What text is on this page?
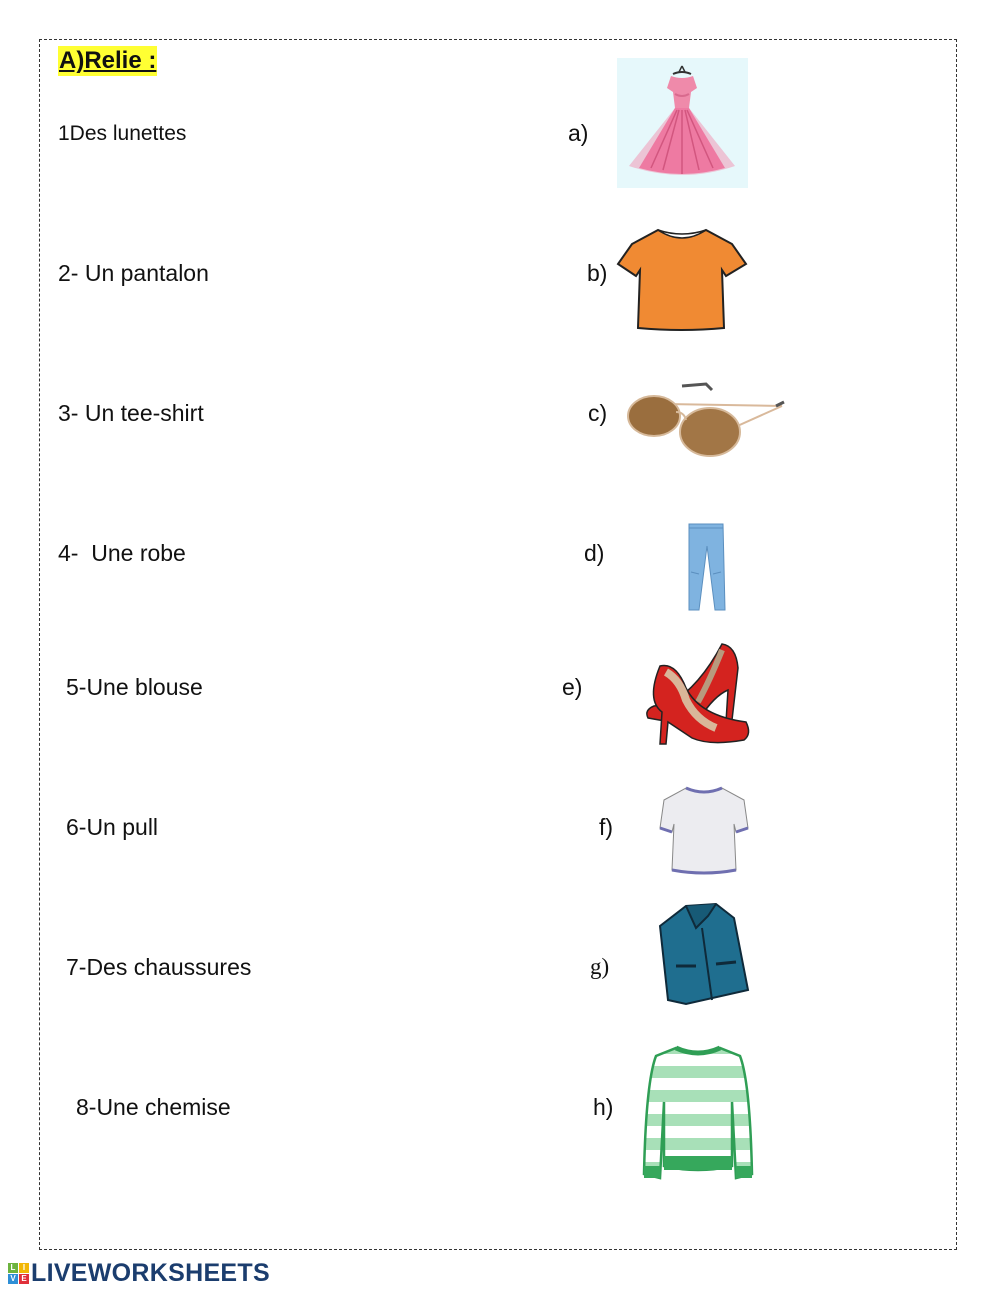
A)Relie :
1Des lunettes
2- Un pantalon
3- Un tee-shirt
4-  Une robe
5-Une blouse
6-Un pull
7-Des chaussures
8-Une chemise
a)
b)
c)
d)
e)
f)
g)
h)
L I
V E LIVEWORKSHEETS
